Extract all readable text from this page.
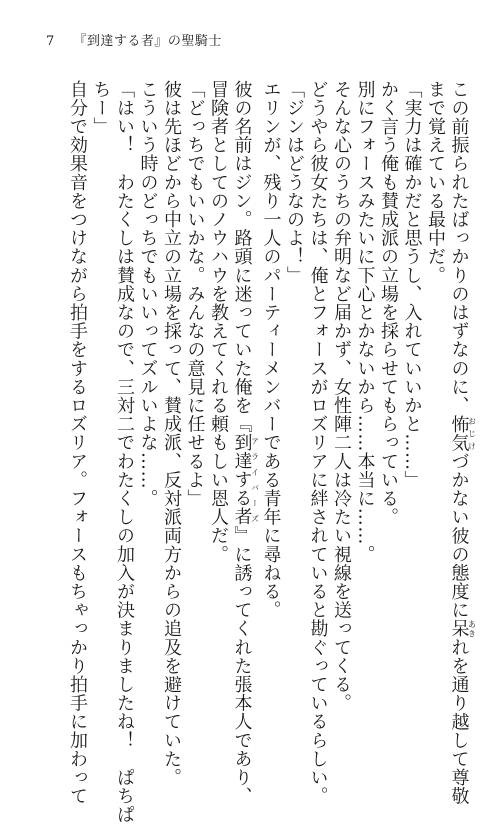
7 『到達する者』の聖騎士
この前振られたばっかりのはずなのに、怖気おじけづかない彼の態度に呆あきれを通り越して尊敬
まで覚えている最中だ。
「実力は確かだと思うし、入れていいかと……」
かく言う俺も賛成派の立場を採らせてもらっている。
別にフォースみたいに下心とかないから……本当に……。
そんな心のうちの弁明など届かず、女性陣二人は冷たい視線を送ってくる。
どうやら彼女たちは、俺とフォースがロズリアに絆されていると勘ぐっているらしい。
「ジンはどうなのよ！」
エリンが、残り一人のパーティーメンバーである青年に尋ねる。
彼の名前はジン。路頭に迷っていた俺を『到達する者アライバーズ』に誘ってくれた張本人であり、
冒険者としてのノウハウを教えてくれる頼もしい恩人だ。
「どっちでもいいかな。みんなの意見に任せるよ」
彼は先ほどから中立の立場を採って、賛成派、反対派両方からの追及を避けていた。
こういう時のどっちでもいいってズルいよな……。
「はい！　わたくしは賛成なので、三対二でわたくしの加入が決まりましたね！　ぱちぱ
ちー」
自分で効果音をつけながら拍手をするロズリア。フォースもちゃっかり拍手に加わって
